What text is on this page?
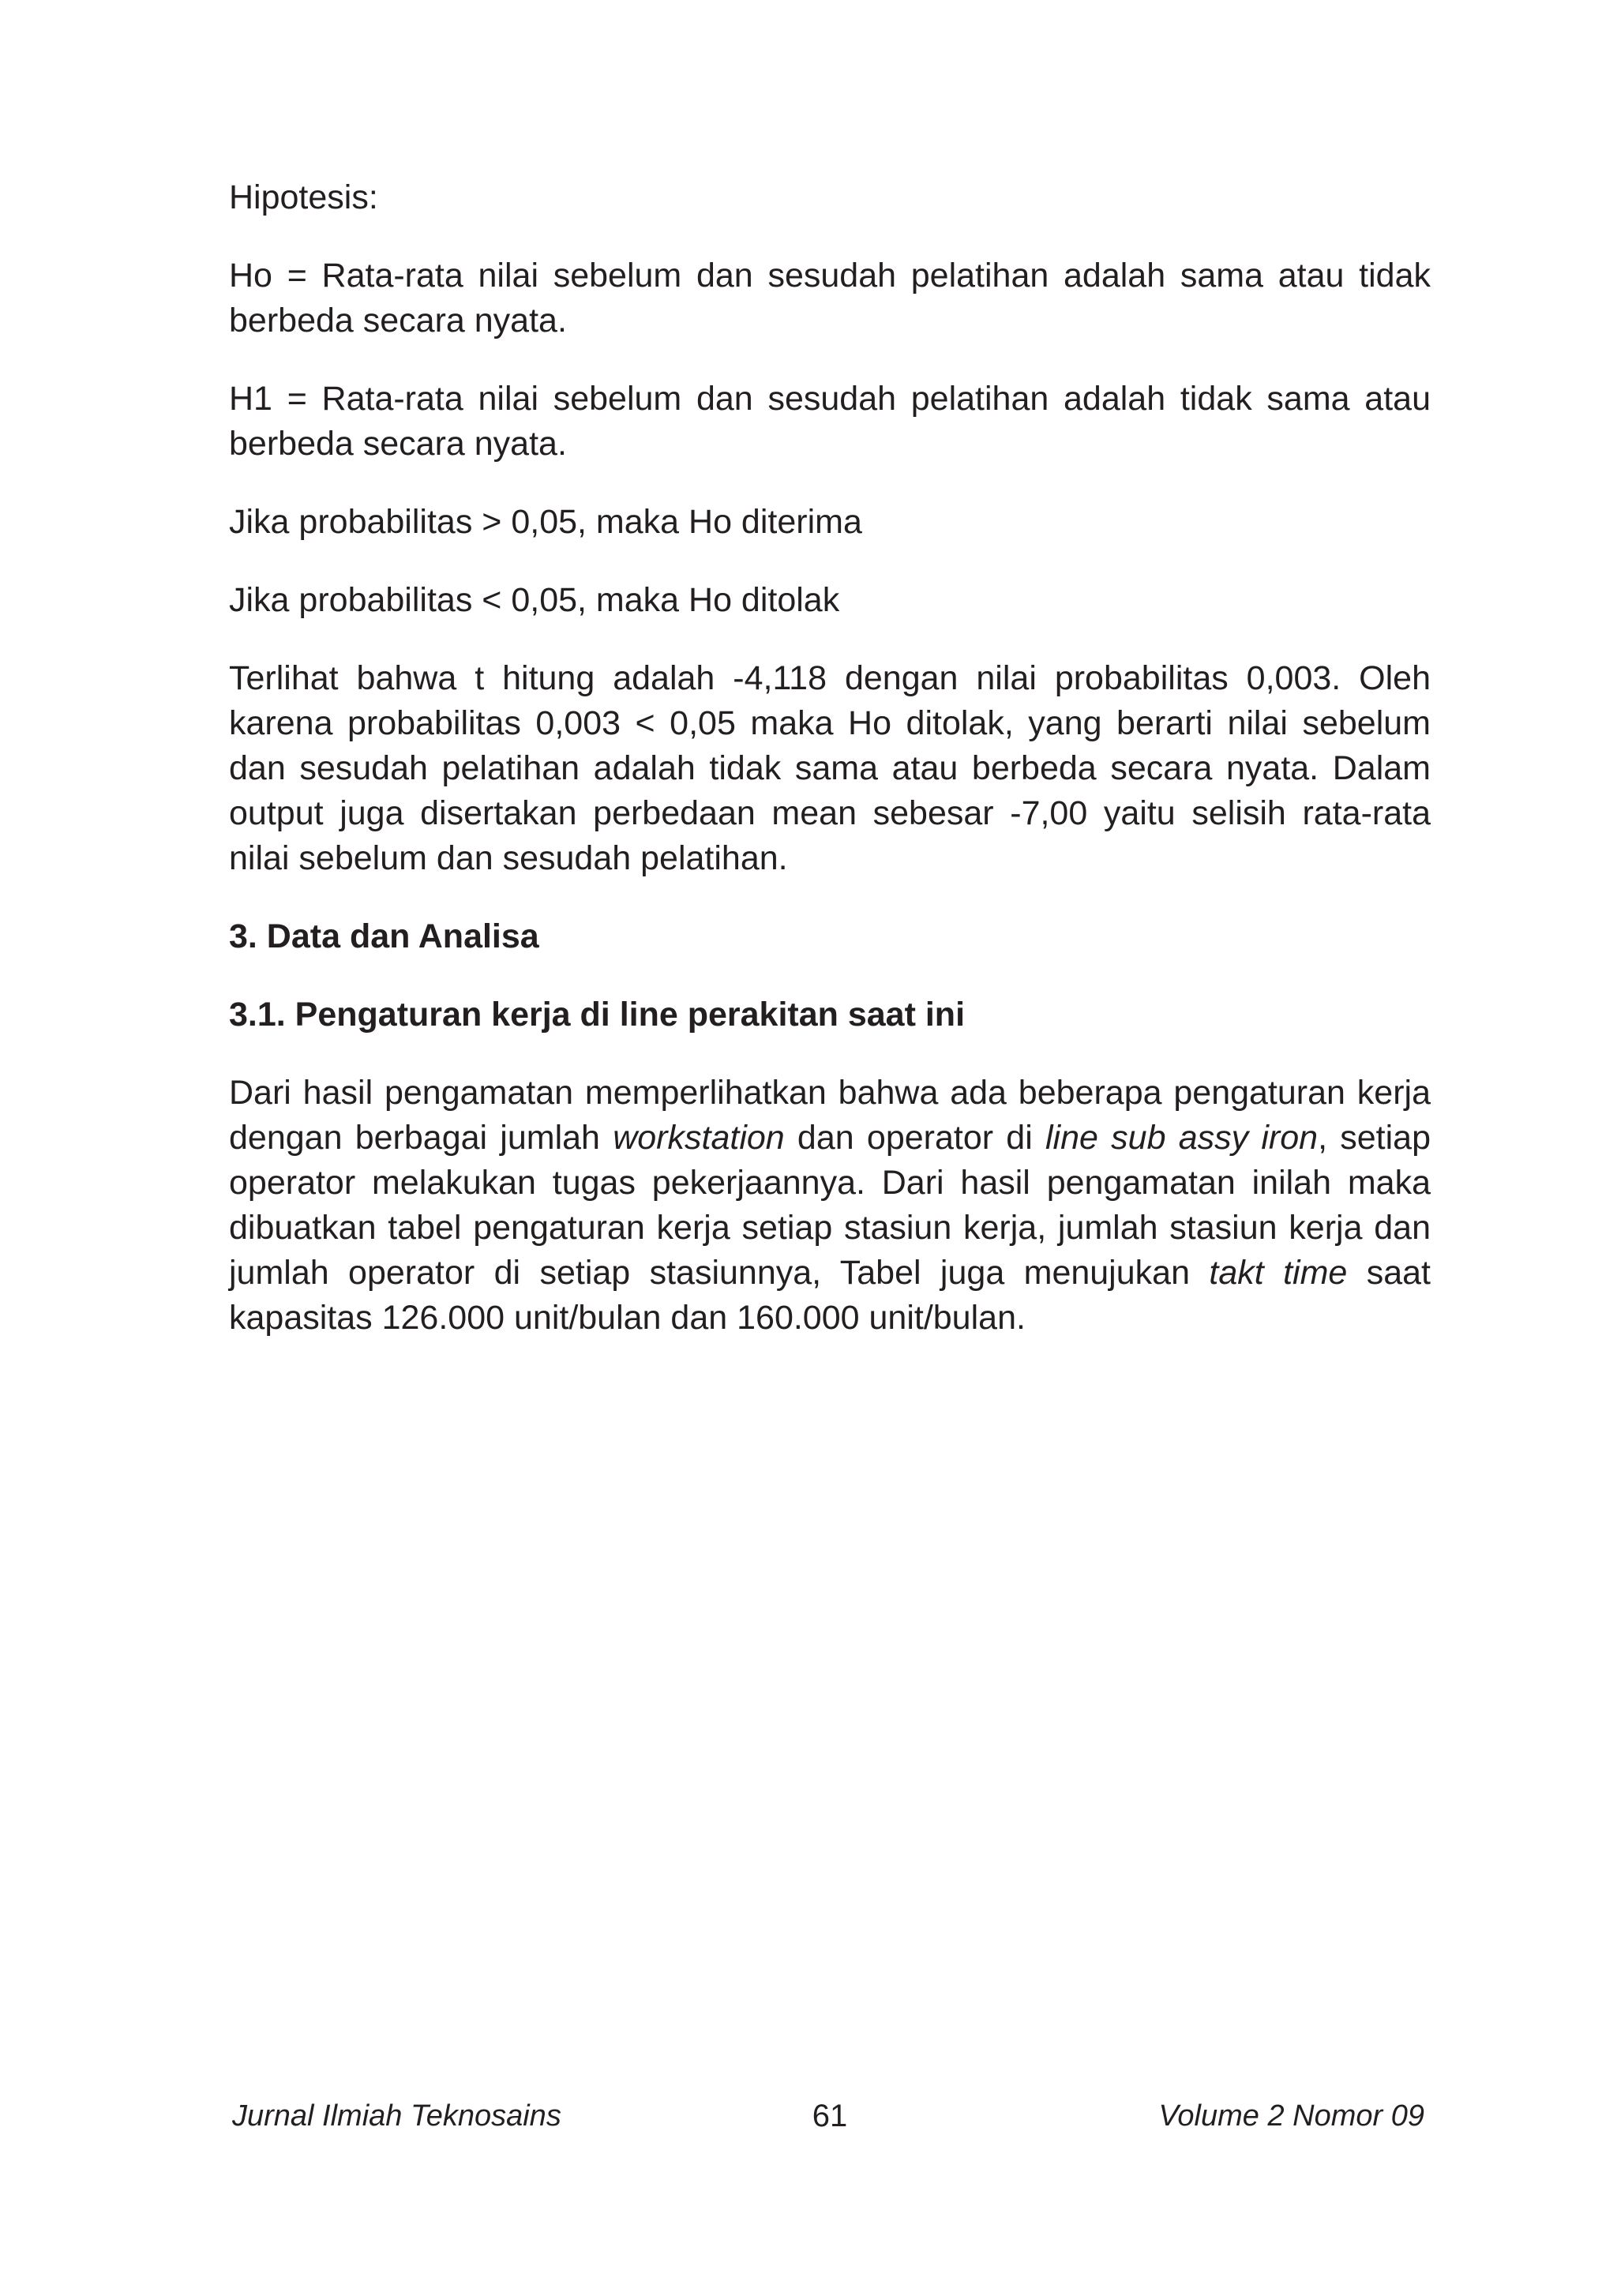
Hipotesis:

Ho = Rata-rata nilai sebelum dan sesudah pelatihan adalah sama atau tidak berbeda secara nyata.

H1 = Rata-rata nilai sebelum dan sesudah pelatihan adalah tidak sama atau berbeda secara nyata.

Jika probabilitas > 0,05, maka Ho diterima

Jika probabilitas < 0,05, maka Ho ditolak

Terlihat bahwa t hitung adalah -4,118 dengan nilai probabilitas 0,003. Oleh karena probabilitas 0,003 < 0,05 maka Ho ditolak, yang berarti nilai sebelum dan sesudah pelatihan adalah tidak sama atau berbeda secara nyata. Dalam output juga disertakan perbedaan mean sebesar -7,00 yaitu selisih rata-rata nilai sebelum dan sesudah pelatihan.

3. Data dan Analisa

3.1. Pengaturan kerja di line perakitan saat ini

Dari hasil pengamatan memperlihatkan bahwa ada beberapa pengaturan kerja dengan berbagai jumlah workstation dan operator di line sub assy iron, setiap operator melakukan tugas pekerjaannya. Dari hasil pengamatan inilah maka dibuatkan tabel pengaturan kerja setiap stasiun kerja, jumlah stasiun kerja dan jumlah operator di setiap stasiunnya, Tabel juga menujukan takt time saat kapasitas 126.000 unit/bulan dan 160.000 unit/bulan.

Jurnal Ilmiah Teknosains	61	Volume 2 Nomor 09
